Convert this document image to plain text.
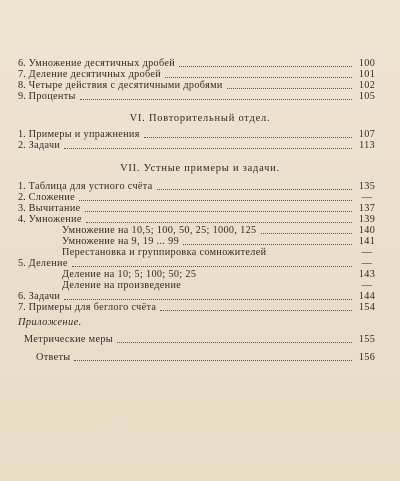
6. Умножение десятичных дробей	100
7. Деление десятичных дробей	101
8. Четыре действия с десятичными дробями	102
9. Проценты	105
VI. Повторительный отдел.
1. Примеры и упражнения	107
2. Задачи	113
VII. Устные примеры и задачи.
1. Таблица для устного счёта	135
2. Сложение	—
3. Вычитание	137
4. Умножение	139
Умножение на 10,5; 100, 50, 25; 1000, 125	140
Умножение на 9, 19 ... 99	141
Перестановка и группировка сомножителей	—
5. Деление	—
Деление на 10; 5; 100; 50; 25	143
Деление на произведение	—
6. Задачи	144
7. Примеры для беглого счёта	154
Приложение.
Метрические меры	155
Ответы	156
